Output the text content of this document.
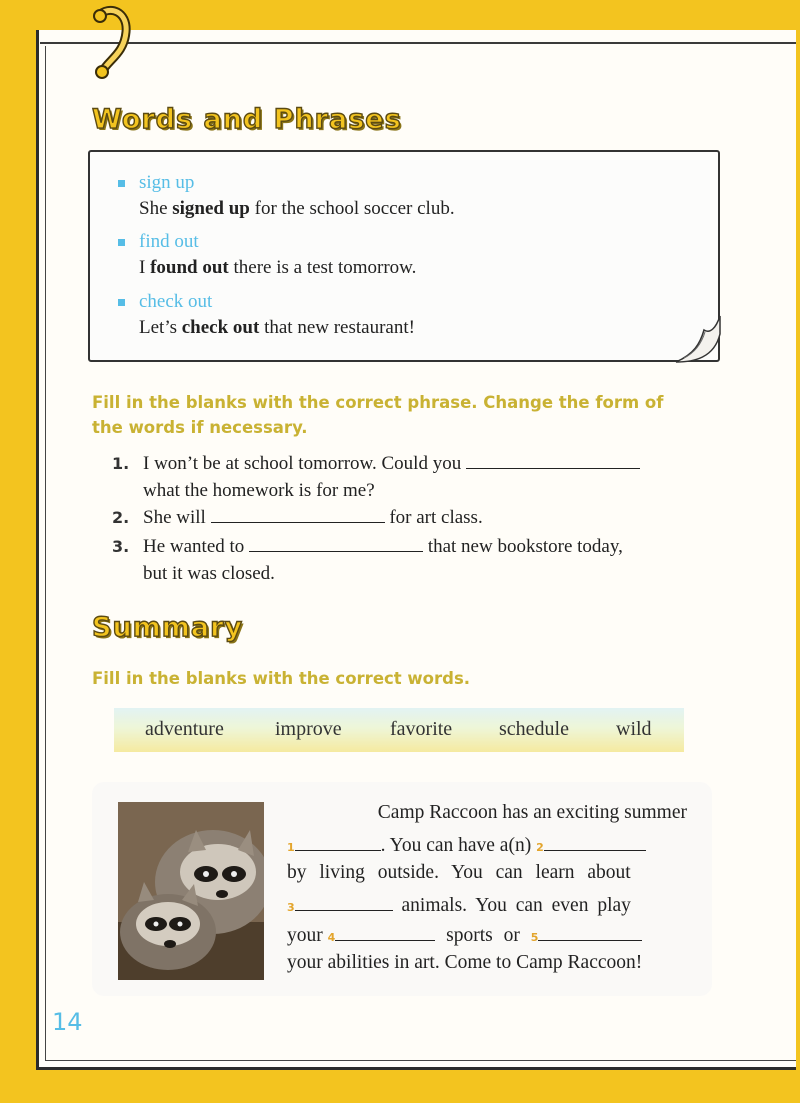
Words and Phrases
sign up
She signed up for the school soccer club.
find out
I found out there is a test tomorrow.
check out
Let’s check out that new restaurant!
Fill in the blanks with the correct phrase. Change the form of
the words if necessary.
1. I won’t be at school tomorrow. Could you
what the homework is for me?
2. She will	for art class.
3. He wanted to	that new bookstore today,
but it was closed.
Summary
Fill in the blanks with the correct words.
adventure	improve favorite schedule wild
Camp Raccoon has an exciting summer
1	. You can have a(n) 2
by living outside. You can learn about
3	animals. You can even play
your 4	sports or 5
your abilities in art. Come to Camp Raccoon!
14
